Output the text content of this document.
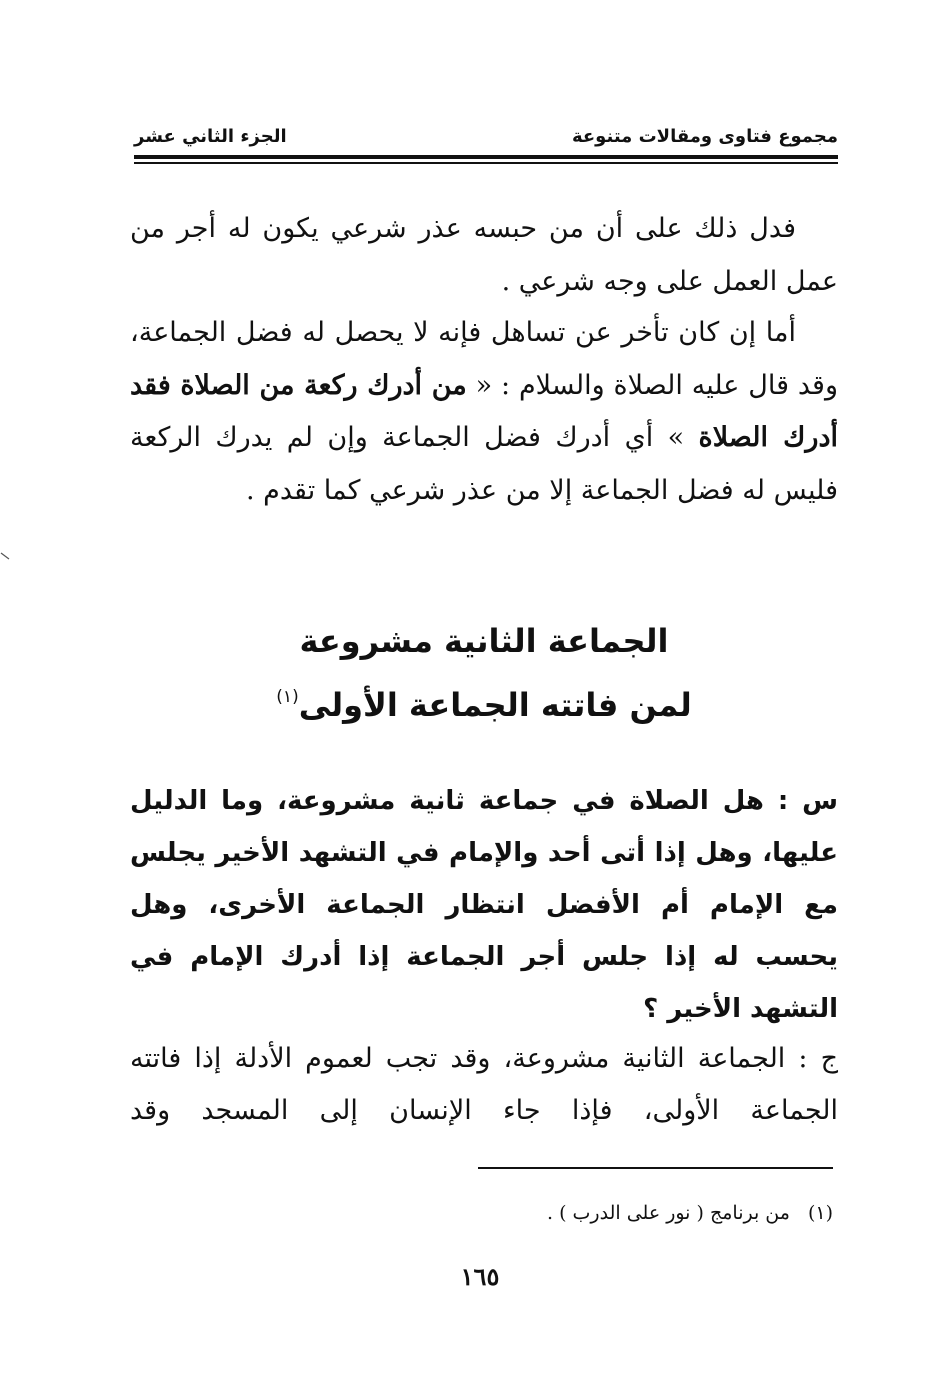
مجموع فتاوى ومقالات متنوعة
الجزء الثاني عشر

فدل ذلك على أن من حبسه عذر شرعي يكون له أجر من عمل العمل على وجه شرعي .

أما إن كان تأخر عن تساهل فإنه لا يحصل له فضل الجماعة، وقد قال عليه الصلاة والسلام : « من أدرك ركعة من الصلاة فقد أدرك الصلاة » أي أدرك فضل الجماعة وإن لم يدرك الركعة فليس له فضل الجماعة إلا من عذر شرعي كما تقدم .

الجماعة الثانية مشروعة
لمن فاتته الجماعة الأولى$^{(١)}$

س : هل الصلاة في جماعة ثانية مشروعة، وما الدليل عليها، وهل إذا أتى أحد والإمام في التشهد الأخير يجلس مع الإمام أم الأفضل انتظار الجماعة الأخرى، وهل يحسب له إذا جلس أجر الجماعة إذا أدرك الإمام في التشهد الأخير ؟

ج : الجماعة الثانية مشروعة، وقد تجب لعموم الأدلة إذا فاتته الجماعة الأولى، فإذا جاء الإنسان إلى المسجد وقد

(١)من برنامج ( نور على الدرب ) .
١٦٥
